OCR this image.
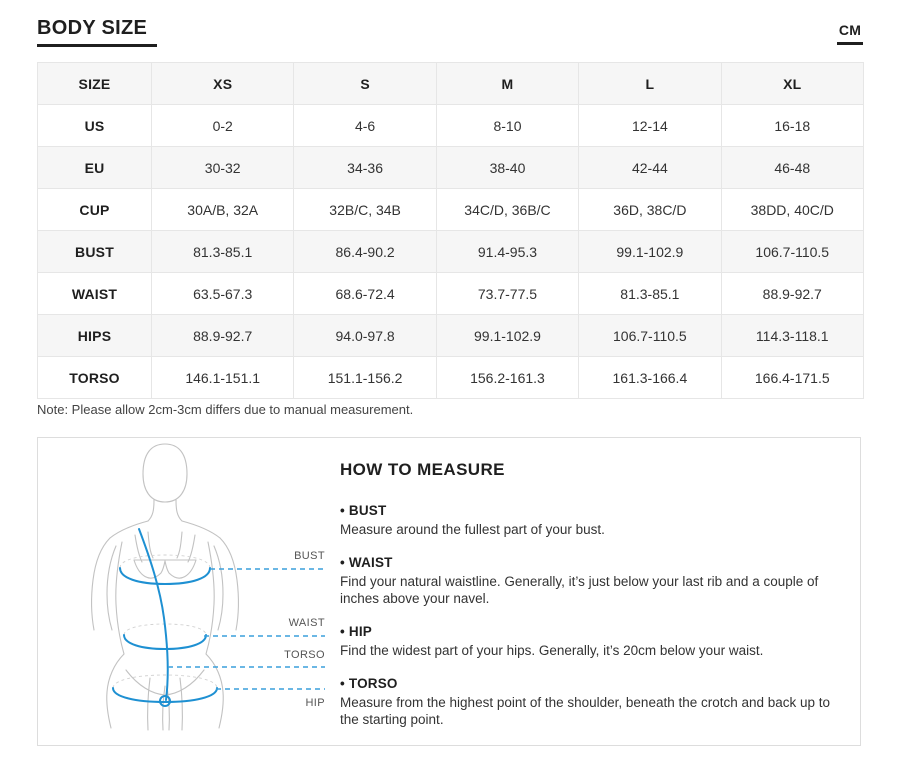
BODY SIZE	CM
SIZE	XS	S	M	L	XL
US	0-2	4-6	8-10	12-14	16-18
EU	30-32	34-36	38-40	42-44	46-48
CUP	30A/B, 32A	32B/C, 34B	34C/D, 36B/C	36D, 38C/D	38DD, 40C/D
BUST	81.3-85.1	86.4-90.2	91.4-95.3	99.1-102.9	106.7-110.5
WAIST	63.5-67.3	68.6-72.4	73.7-77.5	81.3-85.1	88.9-92.7
HIPS	88.9-92.7	94.0-97.8	99.1-102.9	106.7-110.5	114.3-118.1
TORSO	146.1-151.1	151.1-156.2	156.2-161.3	161.3-166.4	166.4-171.5
Note: Please allow 2cm-3cm differs due to manual measurement.
BUST
WAIST
TORSO
HIP
HOW TO MEASURE
• BUST
Measure around the fullest part of your bust.
• WAIST
Find your natural waistline. Generally, it’s just below your last rib and a couple of inches above your navel.
• HIP
Find the widest part of your hips. Generally, it’s 20cm below your waist.
• TORSO
Measure from the highest point of the shoulder, beneath the crotch and back up to the starting point.
